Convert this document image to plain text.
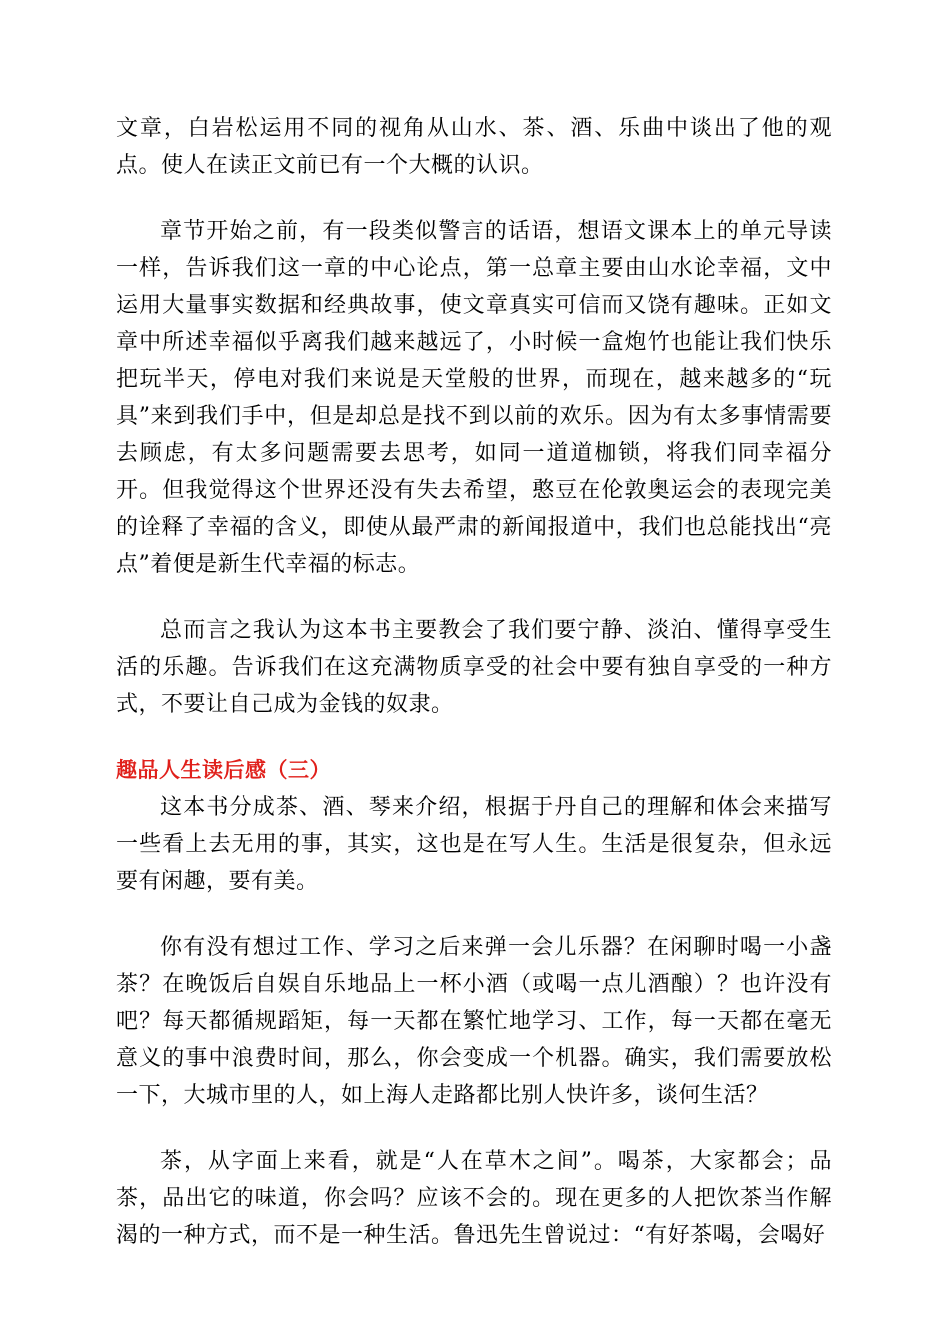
文章，白岩松运用不同的视角从山水、茶、酒、乐曲中谈出了他的观点。使人在读正文前已有一个大概的认识。

章节开始之前，有一段类似警言的话语，想语文课本上的单元导读一样，告诉我们这一章的中心论点，第一总章主要由山水论幸福，文中运用大量事实数据和经典故事，使文章真实可信而又饶有趣味。正如文章中所述幸福似乎离我们越来越远了，小时候一盒炮竹也能让我们快乐把玩半天，停电对我们来说是天堂般的世界，而现在，越来越多的“玩具”来到我们手中，但是却总是找不到以前的欢乐。因为有太多事情需要去顾虑，有太多问题需要去思考，如同一道道枷锁，将我们同幸福分开。但我觉得这个世界还没有失去希望，憨豆在伦敦奥运会的表现完美的诠释了幸福的含义，即使从最严肃的新闻报道中，我们也总能找出“亮点”着便是新生代幸福的标志。

总而言之我认为这本书主要教会了我们要宁静、淡泊、懂得享受生活的乐趣。告诉我们在这充满物质享受的社会中要有独自享受的一种方式，不要让自己成为金钱的奴隶。

趣品人生读后感（三）

这本书分成茶、酒、琴来介绍，根据于丹自己的理解和体会来描写一些看上去无用的事，其实，这也是在写人生。生活是很复杂，但永远要有闲趣，要有美。

你有没有想过工作、学习之后来弹一会儿乐器？在闲聊时喝一小盏茶？在晚饭后自娱自乐地品上一杯小酒（或喝一点儿酒酿）？也许没有吧？每天都循规蹈矩，每一天都在繁忙地学习、工作，每一天都在毫无意义的事中浪费时间，那么，你会变成一个机器。确实，我们需要放松一下，大城市里的人，如上海人走路都比别人快许多，谈何生活？

茶，从字面上来看，就是“人在草木之间”。喝茶，大家都会；品茶，品出它的味道，你会吗？应该不会的。现在更多的人把饮茶当作解渴的一种方式，而不是一种生活。鲁迅先生曾说过：“有好茶喝，会喝好
